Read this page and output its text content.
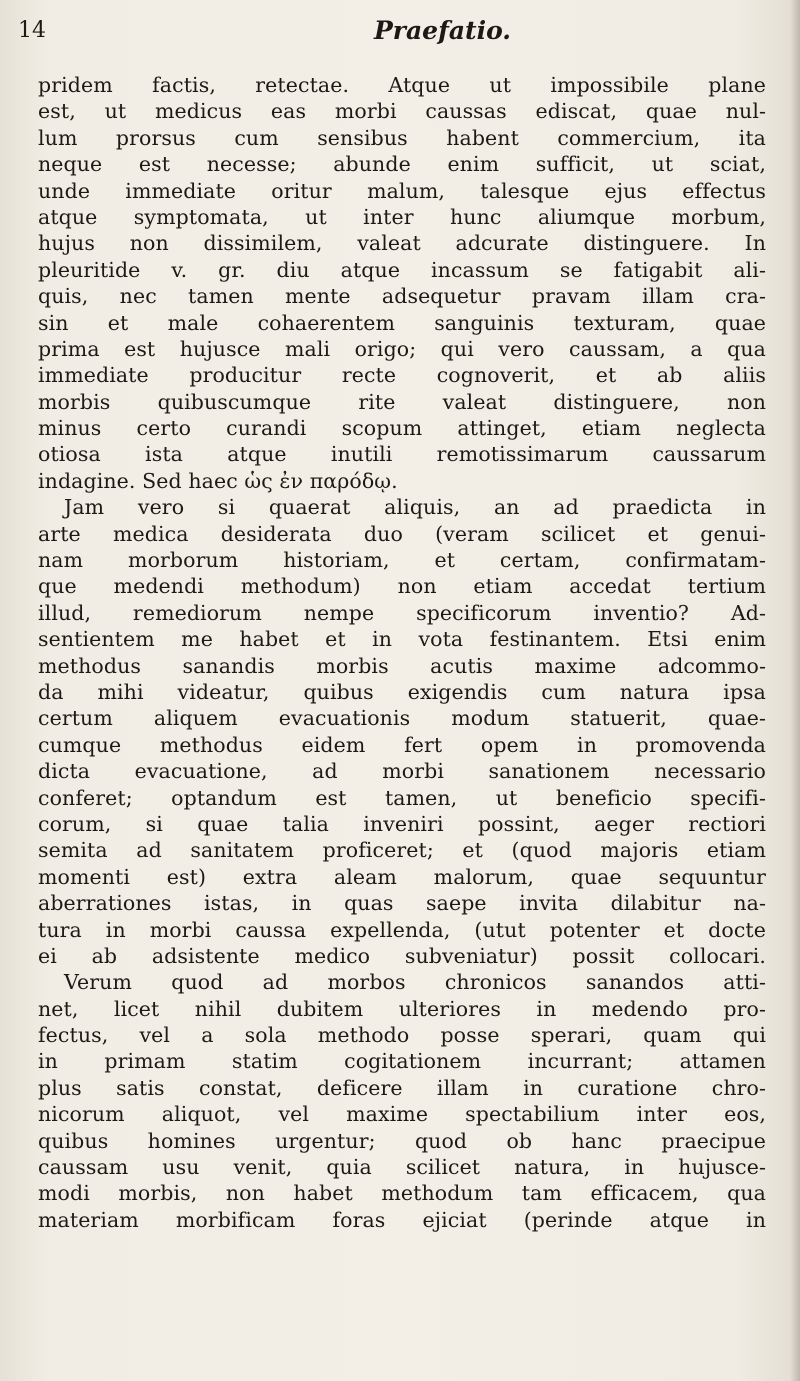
14	Praefatio.
pridem factis, retectae. Atque ut impossibile plane
est, ut medicus eas morbi caussas ediscat, quae nul-
lum prorsus cum sensibus habent commercium, ita
neque est necesse; abunde enim sufficit, ut sciat,
unde immediate oritur malum, talesque ejus effectus
atque symptomata, ut inter hunc aliumque morbum,
hujus non dissimilem, valeat adcurate distinguere. In
pleuritide v. gr. diu atque incassum se fatigabit ali-
quis, nec tamen mente adsequetur pravam illam cra-
sin et male cohaerentem sanguinis texturam, quae
prima est hujusce mali origo; qui vero caussam, a qua
immediate producitur recte cognoverit, et ab aliis
morbis quibuscumque rite valeat distinguere, non
minus certo curandi scopum attinget, etiam neglecta
otiosa ista atque inutili remotissimarum caussarum
indagine. Sed haec ὡς ἐν παρόδῳ.
Jam vero si quaerat aliquis, an ad praedicta in
arte medica desiderata duo (veram scilicet et genui-
nam morborum historiam, et certam, confirmatam-
que medendi methodum) non etiam accedat tertium
illud, remediorum nempe specificorum inventio? Ad-
sentientem me habet et in vota festinantem. Etsi enim
methodus sanandis morbis acutis maxime adcommo-
da mihi videatur, quibus exigendis cum natura ipsa
certum aliquem evacuationis modum statuerit, quae-
cumque methodus eidem fert opem in promovenda
dicta evacuatione, ad morbi sanationem necessario
conferet; optandum est tamen, ut beneficio specifi-
corum, si quae talia inveniri possint, aeger rectiori
semita ad sanitatem proficeret; et (quod majoris etiam
momenti est) extra aleam malorum, quae sequuntur
aberrationes istas, in quas saepe invita dilabitur na-
tura in morbi caussa expellenda, (utut potenter et docte
ei ab adsistente medico subveniatur) possit collocari.
Verum quod ad morbos chronicos sanandos atti-
net, licet nihil dubitem ulteriores in medendo pro-
fectus, vel a sola methodo posse sperari, quam qui
in primam statim cogitationem incurrant; attamen
plus satis constat, deficere illam in curatione chro-
nicorum aliquot, vel maxime spectabilium inter eos,
quibus homines urgentur; quod ob hanc praecipue
caussam usu venit, quia scilicet natura, in hujusce-
modi morbis, non habet methodum tam efficacem, qua
materiam morbificam foras ejiciat (perinde atque in
